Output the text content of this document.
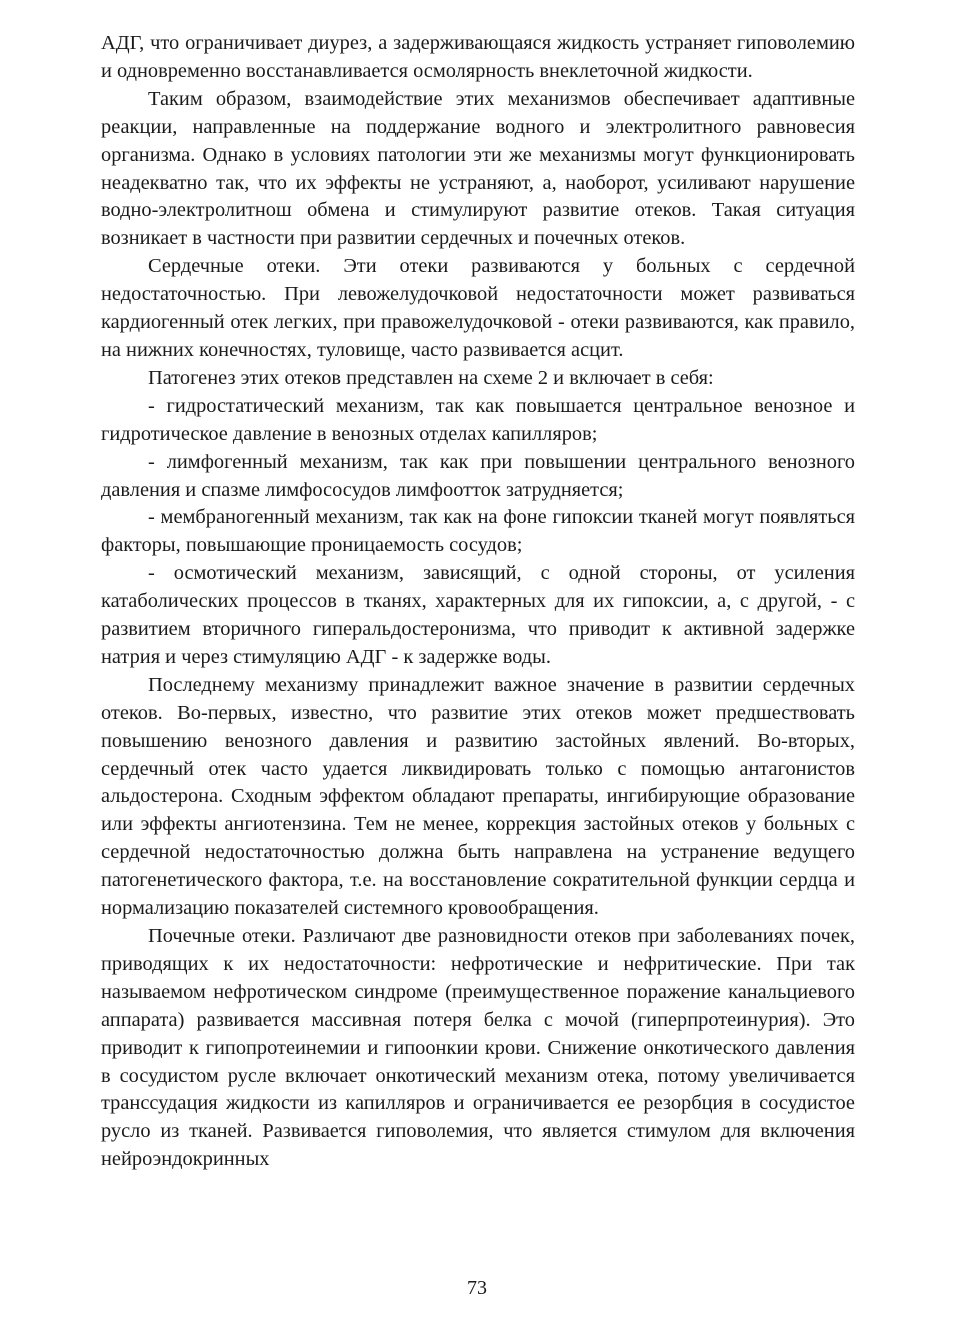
АДГ, что ограничивает диурез, а задерживающаяся жидкость устраняет гиповолемию и одновременно восстанавливается осмолярность внеклеточной жидкости.

Таким образом, взаимодействие этих механизмов обеспечивает адаптивные реакции, направленные на поддержание водного и электролитного равновесия организма. Однако в условиях патологии эти же механизмы могут функционировать неадекватно так, что их эффекты не устраняют, а, наоборот, усиливают нарушение водно-электролитнош обмена и стимулируют развитие отеков. Такая ситуация возникает в частности при развитии сердечных и почечных отеков.

Сердечные отеки. Эти отеки развиваются у больных с сердечной недостаточностью. При левожелудочковой недостаточности может развиваться кардиогенный отек легких, при правожелудочковой - отеки развиваются, как правило, на нижних конечностях, туловище, часто развивается асцит.

Патогенез этих отеков представлен на схеме 2 и включает в себя:

- гидростатический механизм, так как повышается центральное венозное и гидротическое давление в венозных отделах капилляров;

- лимфогенный механизм, так как при повышении центрального венозного давления и спазме лимфососудов лимфоотток затрудняется;

- мембраногенный механизм, так как на фоне гипоксии тканей могут появляться факторы, повышающие проницаемость сосудов;

- осмотический механизм, зависящий, с одной стороны, от усиления катаболических процессов в тканях, характерных для их гипоксии, а, с другой, - с развитием вторичного гиперальдостеронизма, что приводит к активной задержке натрия и через стимуляцию АДГ - к задержке воды.

Последнему механизму принадлежит важное значение в развитии сердечных отеков. Во-первых, известно, что развитие этих отеков может предшествовать повышению венозного давления и развитию застойных явлений. Во-вторых, сердечный отек часто удается ликвидировать только с помощью антагонистов альдостерона. Сходным эффектом обладают препараты, ингибирующие образование или эффекты ангиотензина. Тем не менее, коррекция застойных отеков у больных с сердечной недостаточностью должна быть направлена на устранение ведущего патогенетического фактора, т.е. на восстановление сократительной функции сердца и нормализацию показателей системного кровообращения.

Почечные отеки. Различают две разновидности отеков при заболеваниях почек, приводящих к их недостаточности: нефротические и нефритические. При так называемом нефротическом синдроме (преимущественное поражение канальциевого аппарата) развивается массивная потеря белка с мочой (гиперпротеинурия). Это приводит к гипопротеинемии и гипоонкии крови. Снижение онкотического давления в сосудистом русле включает онкотический механизм отека, потому увеличивается транссудация жидкости из капилляров и ограничивается ее резорбция в сосудистое русло из тканей. Развивается гиповолемия, что является стимулом для включения нейроэндокринных

73
